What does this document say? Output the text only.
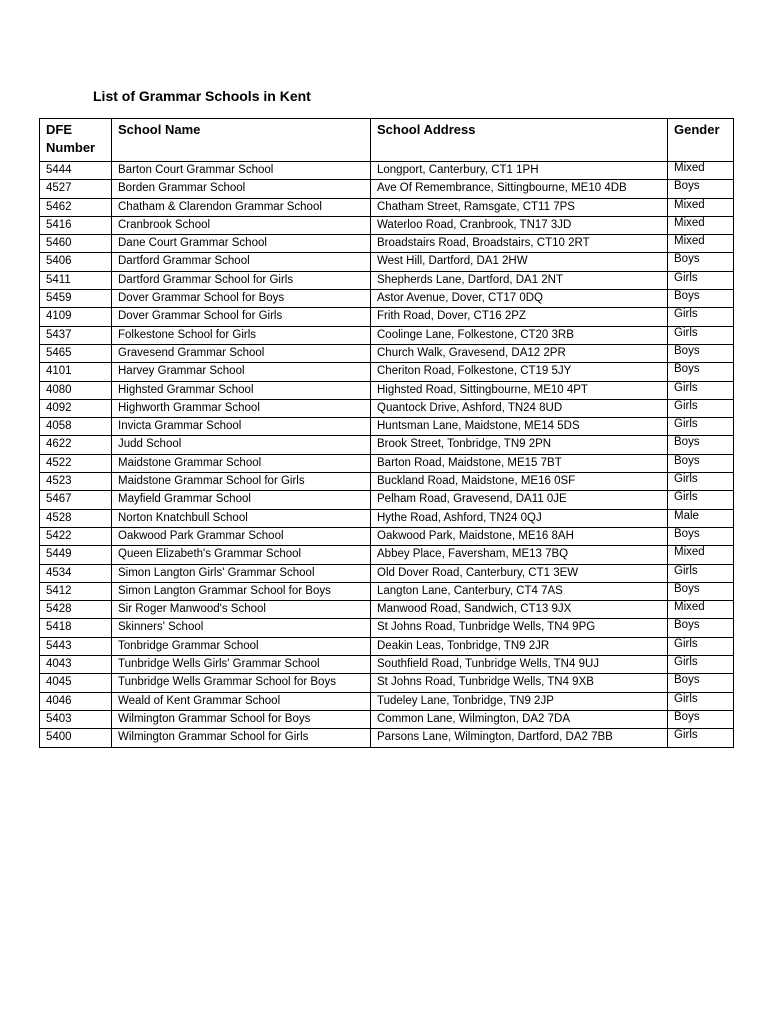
List of Grammar Schools in Kent
DFE Number	School Name	School Address	Gender
5444	Barton Court Grammar School	Longport, Canterbury, CT1 1PH	Mixed
4527	Borden Grammar School	Ave Of Remembrance, Sittingbourne, ME10 4DB	Boys
5462	Chatham & Clarendon Grammar School	Chatham Street, Ramsgate, CT11 7PS	Mixed
5416	Cranbrook School	Waterloo Road, Cranbrook, TN17 3JD	Mixed
5460	Dane Court Grammar School	Broadstairs Road, Broadstairs, CT10 2RT	Mixed
5406	Dartford Grammar School	West Hill, Dartford, DA1 2HW	Boys
5411	Dartford Grammar School for Girls	Shepherds Lane, Dartford, DA1 2NT	Girls
5459	Dover Grammar School for Boys	Astor Avenue, Dover, CT17 0DQ	Boys
4109	Dover Grammar School for Girls	Frith Road, Dover, CT16 2PZ	Girls
5437	Folkestone School for Girls	Coolinge Lane, Folkestone, CT20 3RB	Girls
5465	Gravesend Grammar School	Church Walk, Gravesend, DA12 2PR	Boys
4101	Harvey Grammar School	Cheriton Road, Folkestone, CT19 5JY	Boys
4080	Highsted Grammar School	Highsted Road, Sittingbourne, ME10 4PT	Girls
4092	Highworth Grammar School	Quantock Drive, Ashford, TN24 8UD	Girls
4058	Invicta Grammar School	Huntsman Lane, Maidstone, ME14 5DS	Girls
4622	Judd School	Brook Street, Tonbridge, TN9 2PN	Boys
4522	Maidstone Grammar School	Barton Road, Maidstone, ME15 7BT	Boys
4523	Maidstone Grammar School for Girls	Buckland Road, Maidstone, ME16 0SF	Girls
5467	Mayfield Grammar School	Pelham Road, Gravesend, DA11 0JE	Girls
4528	Norton Knatchbull School	Hythe Road, Ashford, TN24 0QJ	Male
5422	Oakwood Park Grammar School	Oakwood Park, Maidstone, ME16 8AH	Boys
5449	Queen Elizabeth's Grammar School	Abbey Place, Faversham, ME13 7BQ	Mixed
4534	Simon Langton Girls' Grammar School	Old Dover Road, Canterbury, CT1 3EW	Girls
5412	Simon Langton Grammar School for Boys	Langton Lane, Canterbury, CT4 7AS	Boys
5428	Sir Roger Manwood's School	Manwood Road, Sandwich, CT13 9JX	Mixed
5418	Skinners' School	St Johns Road, Tunbridge Wells, TN4 9PG	Boys
5443	Tonbridge Grammar School	Deakin Leas, Tonbridge, TN9 2JR	Girls
4043	Tunbridge Wells Girls' Grammar School	Southfield Road, Tunbridge Wells, TN4 9UJ	Girls
4045	Tunbridge Wells Grammar School for Boys	St Johns Road, Tunbridge Wells, TN4 9XB	Boys
4046	Weald of Kent Grammar School	Tudeley Lane, Tonbridge, TN9 2JP	Girls
5403	Wilmington Grammar School for Boys	Common Lane, Wilmington, DA2 7DA	Boys
5400	Wilmington Grammar School for Girls	Parsons Lane, Wilmington, Dartford, DA2 7BB	Girls
